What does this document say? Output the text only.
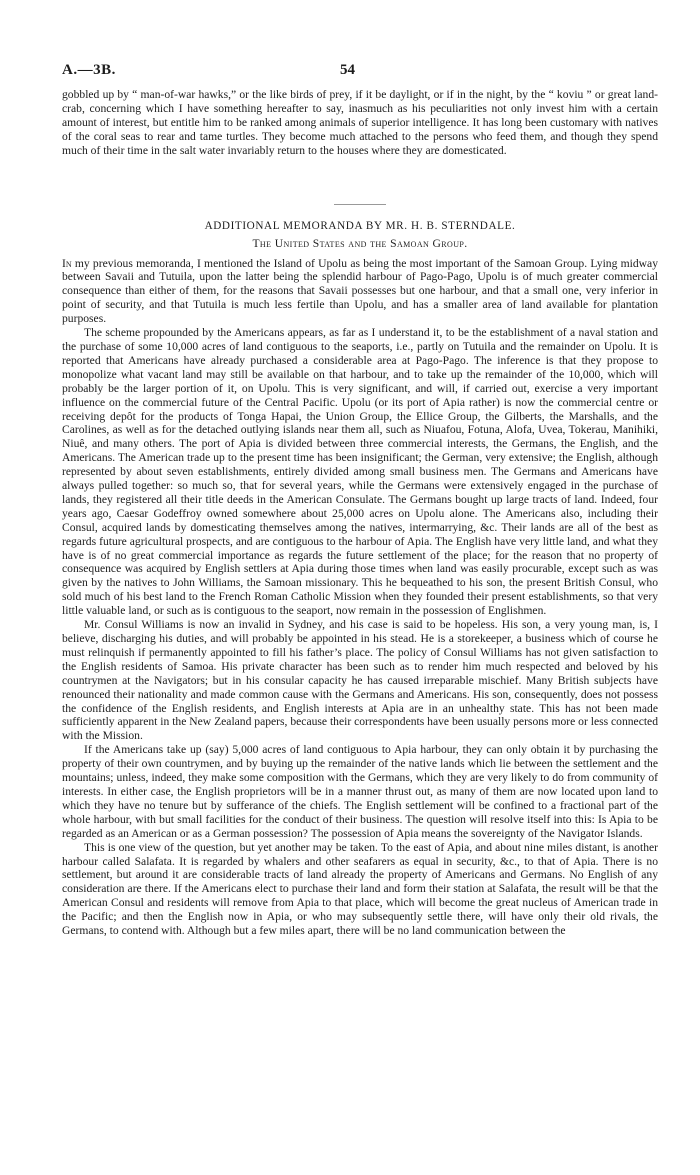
A.—3B.	54

gobbled up by “ man-of-war hawks,” or the like birds of prey, if it be daylight, or if in the night, by the “ koviu ” or great land-crab, concerning which I have something hereafter to say, inasmuch as his peculiarities not only invest him with a certain amount of interest, but entitle him to be ranked among animals of superior intelligence. It has long been customary with natives of the coral seas to rear and tame turtles. They become much attached to the persons who feed them, and though they spend much of their time in the salt water invariably return to the houses where they are domesticated.

ADDITIONAL MEMORANDA BY MR. H. B. STERNDALE.
The United States and the Samoan Group.

In my previous memoranda, I mentioned the Island of Upolu as being the most important of the Samoan Group. Lying midway between Savaii and Tutuila, upon the latter being the splendid harbour of Pago-Pago, Upolu is of much greater commercial consequence than either of them, for the reasons that Savaii possesses but one harbour, and that a small one, very inferior in point of security, and that Tutuila is much less fertile than Upolu, and has a smaller area of land available for plantation purposes.

The scheme propounded by the Americans appears, as far as I understand it, to be the establishment of a naval station and the purchase of some 10,000 acres of land contiguous to the seaports, i.e., partly on Tutuila and the remainder on Upolu. It is reported that Americans have already purchased a considerable area at Pago-Pago. The inference is that they propose to monopolize what vacant land may still be available on that harbour, and to take up the remainder of the 10,000, which will probably be the larger portion of it, on Upolu. This is very significant, and will, if carried out, exercise a very important influence on the commercial future of the Central Pacific. Upolu (or its port of Apia rather) is now the commercial centre or receiving depôt for the products of Tonga Hapai, the Union Group, the Ellice Group, the Gilberts, the Marshalls, and the Carolines, as well as for the detached outlying islands near them all, such as Niuafou, Fotuna, Alofa, Uvea, Tokerau, Manihiki, Niuê, and many others. The port of Apia is divided between three commercial interests, the Germans, the English, and the Americans. The American trade up to the present time has been insignificant; the German, very extensive; the English, although represented by about seven establishments, entirely divided among small business men. The Germans and Americans have always pulled together: so much so, that for several years, while the Germans were extensively engaged in the purchase of lands, they registered all their title deeds in the American Consulate. The Germans bought up large tracts of land. Indeed, four years ago, Caesar Godeffroy owned somewhere about 25,000 acres on Upolu alone. The Americans also, including their Consul, acquired lands by domesticating themselves among the natives, intermarrying, &c. Their lands are all of the best as regards future agricultural prospects, and are contiguous to the harbour of Apia. The English have very little land, and what they have is of no great commercial importance as regards the future settlement of the place; for the reason that no property of consequence was acquired by English settlers at Apia during those times when land was easily procurable, except such as was given by the natives to John Williams, the Samoan missionary. This he bequeathed to his son, the present British Consul, who sold much of his best land to the French Roman Catholic Mission when they founded their present establishments, so that very little valuable land, or such as is contiguous to the seaport, now remain in the possession of Englishmen.

Mr. Consul Williams is now an invalid in Sydney, and his case is said to be hopeless. His son, a very young man, is, I believe, discharging his duties, and will probably be appointed in his stead. He is a storekeeper, a business which of course he must relinquish if permanently appointed to fill his father’s place. The policy of Consul Williams has not given satisfaction to the English residents of Samoa. His private character has been such as to render him much respected and beloved by his countrymen at the Navigators; but in his consular capacity he has caused irreparable mischief. Many British subjects have renounced their nationality and made common cause with the Germans and Americans. His son, consequently, does not possess the confidence of the English residents, and English interests at Apia are in an unhealthy state. This has not been made sufficiently apparent in the New Zealand papers, because their correspondents have been usually persons more or less connected with the Mission.

If the Americans take up (say) 5,000 acres of land contiguous to Apia harbour, they can only obtain it by purchasing the property of their own countrymen, and by buying up the remainder of the native lands which lie between the settlement and the mountains; unless, indeed, they make some composition with the Germans, which they are very likely to do from community of interests. In either case, the English proprietors will be in a manner thrust out, as many of them are now located upon land to which they have no tenure but by sufferance of the chiefs. The English settlement will be confined to a fractional part of the whole harbour, with but small facilities for the conduct of their business. The question will resolve itself into this: Is Apia to be regarded as an American or as a German possession? The possession of Apia means the sovereignty of the Navigator Islands.

This is one view of the question, but yet another may be taken. To the east of Apia, and about nine miles distant, is another harbour called Salafata. It is regarded by whalers and other seafarers as equal in security, &c., to that of Apia. There is no settlement, but around it are considerable tracts of land already the property of Americans and Germans. No English of any consideration are there. If the Americans elect to purchase their land and form their station at Salafata, the result will be that the American Consul and residents will remove from Apia to that place, which will become the great nucleus of American trade in the Pacific; and then the English now in Apia, or who may subsequently settle there, will have only their old rivals, the Germans, to contend with. Although but a few miles apart, there will be no land communication between the
